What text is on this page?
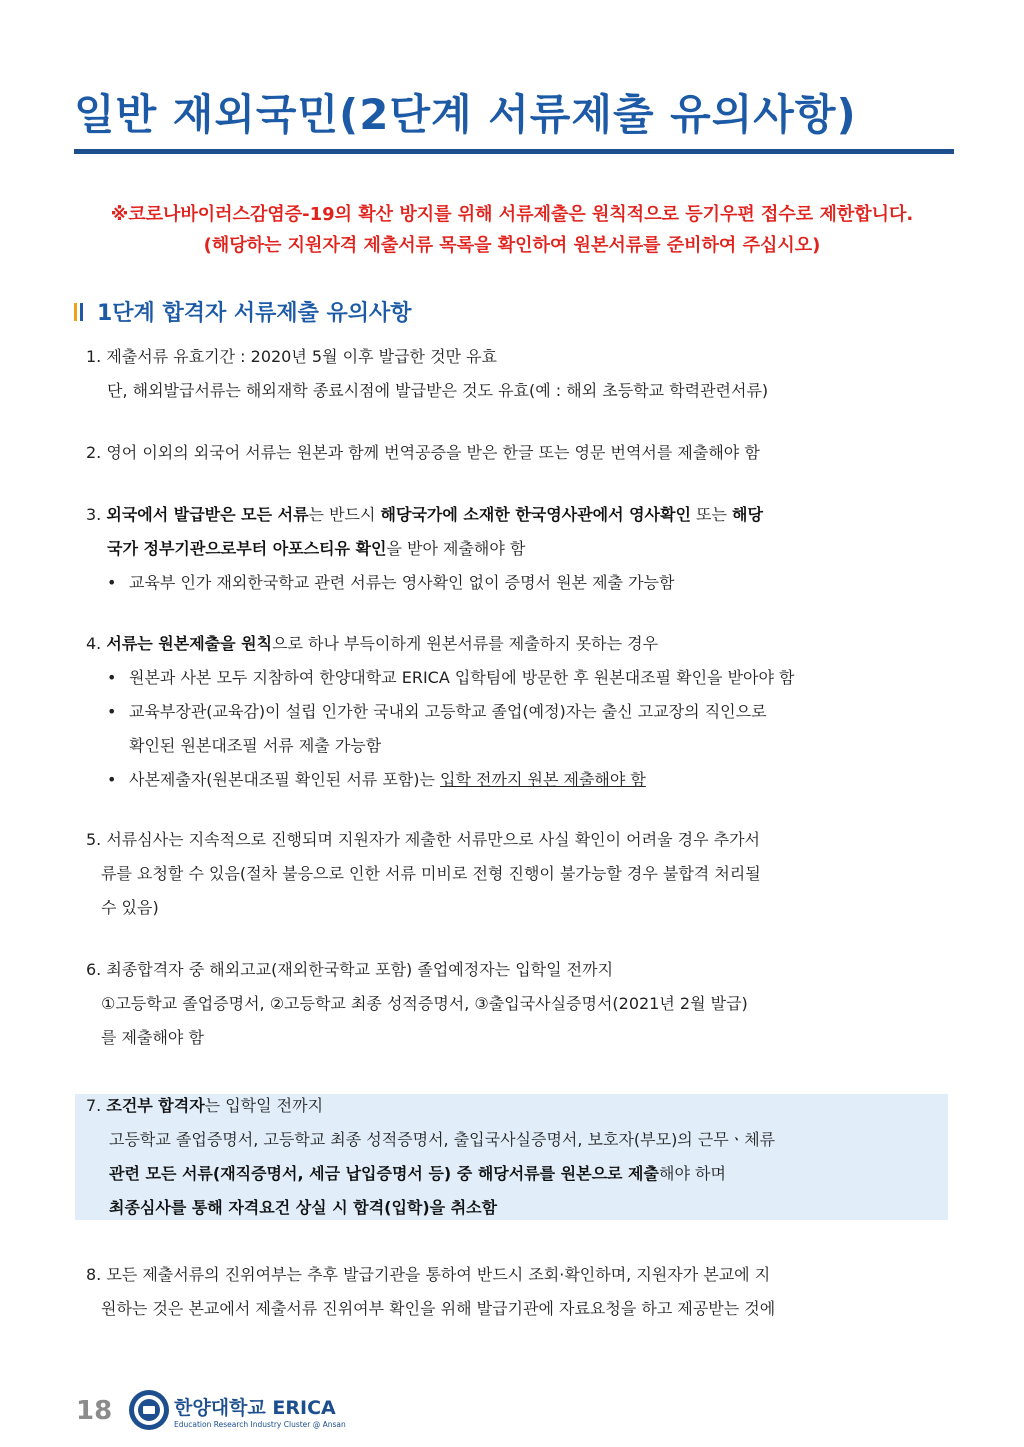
일반 재외국민(2단계 서류제출 유의사항)
※코로나바이러스감염증-19의 확산 방지를 위해 서류제출은 원칙적으로 등기우편 접수로 제한합니다.
(해당하는 지원자격 제출서류 목록을 확인하여 원본서류를 준비하여 주십시오)
1단계 합격자 서류제출 유의사항
1. 제출서류 유효기간 : 2020년 5월 이후 발급한 것만 유효
단, 해외발급서류는 해외재학 종료시점에 발급받은 것도 유효(예 : 해외 초등학교 학력관련서류)
2. 영어 이외의 외국어 서류는 원본과 함께 번역공증을 받은 한글 또는 영문 번역서를 제출해야 함
3. 외국에서 발급받은 모든 서류는 반드시 해당국가에 소재한 한국영사관에서 영사확인 또는 해당
국가 정부기관으로부터 아포스티유 확인을 받아 제출해야 함
• 교육부 인가 재외한국학교 관련 서류는 영사확인 없이 증명서 원본 제출 가능함
4. 서류는 원본제출을 원칙으로 하나 부득이하게 원본서류를 제출하지 못하는 경우
• 원본과 사본 모두 지참하여 한양대학교 ERICA 입학팀에 방문한 후 원본대조필 확인을 받아야 함
• 교육부장관(교육감)이 설립 인가한 국내외 고등학교 졸업(예정)자는 출신 고교장의 직인으로
확인된 원본대조필 서류 제출 가능함
• 사본제출자(원본대조필 확인된 서류 포함)는 입학 전까지 원본 제출해야 함
5. 서류심사는 지속적으로 진행되며 지원자가 제출한 서류만으로 사실 확인이 어려울 경우 추가서
류를 요청할 수 있음(절차 불응으로 인한 서류 미비로 전형 진행이 불가능할 경우 불합격 처리될
수 있음)
6. 최종합격자 중 해외고교(재외한국학교 포함) 졸업예정자는 입학일 전까지
①고등학교 졸업증명서, ②고등학교 최종 성적증명서, ③출입국사실증명서(2021년 2월 발급)
를 제출해야 함
7. 조건부 합격자는 입학일 전까지
고등학교 졸업증명서, 고등학교 최종 성적증명서, 출입국사실증명서, 보호자(부모)의 근무ㆍ체류
관련 모든 서류(재직증명서, 세금 납입증명서 등) 중 해당서류를 원본으로 제출해야 하며
최종심사를 통해 자격요건 상실 시 합격(입학)을 취소함
8. 모든 제출서류의 진위여부는 추후 발급기관을 통하여 반드시 조회·확인하며, 지원자가 본교에 지
원하는 것은 본교에서 제출서류 진위여부 확인을 위해 발급기관에 자료요청을 하고 제공받는 것에
18	한양대학교 ERICA
Education Research Industry Cluster @ Ansan
